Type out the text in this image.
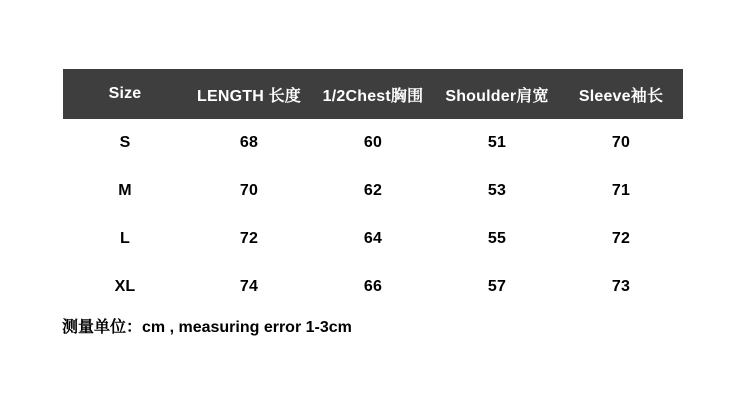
Size	LENGTH 长度	1/2Chest胸围	Shoulder肩宽	Sleeve袖长
S	68	60	51	70
M	70	62	53	71
L	72	64	55	72
XL	74	66	57	73
测量单位：cm , measuring error 1-3cm
